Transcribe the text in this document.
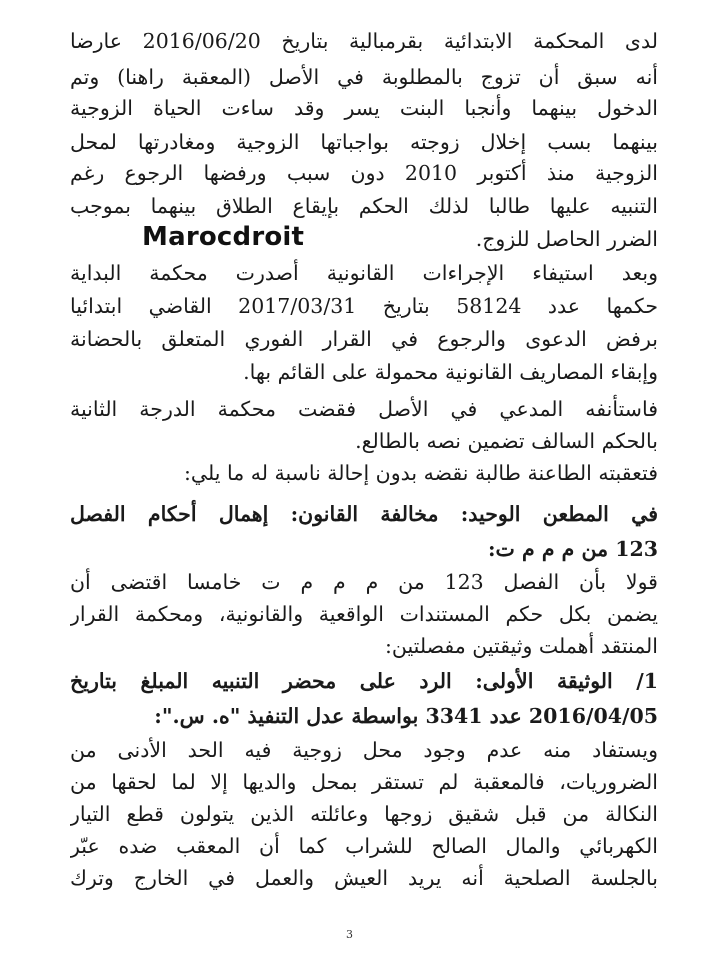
لدى المحكمة الابتدائية بقرمبالية بتاريخ 2016/06/20 عارضا
أنه سبق أن تزوج بالمطلوبة في الأصل (المعقبة راهنا) وتم
الدخول بينهما وأنجبا البنت يسر وقد ساءت الحياة الزوجية
بينهما بسب إخلال زوجته بواجباتها الزوجية ومغادرتها لمحل
الزوجية منذ أكتوبر 2010 دون سبب ورفضها الرجوع رغم
التنبيه عليها طالبا لذلك الحكم بإيقاع الطلاق بينهما بموجب
الضرر الحاصل للزوج.
وبعد استيفاء الإجراءات القانونية أصدرت محكمة البداية
حكمها عدد 58124 بتاريخ 2017/03/31 القاضي ابتدائيا
برفض الدعوى والرجوع في القرار الفوري المتعلق بالحضانة
وإبقاء المصاريف القانونية محمولة على القائم بها.
فاستأنفه المدعي في الأصل فقضت محكمة الدرجة الثانية
بالحكم السالف تضمين نصه بالطالع.
فتعقبته الطاعنة طالبة نقضه بدون إحالة ناسبة له ما يلي:
في المطعن الوحيد: مخالفة القانون: إهمال أحكام الفصل
123 من م م م ت:
قولا بأن الفصل 123 من م م م ت خامسا اقتضى أن
يضمن بكل حكم المستندات الواقعية والقانونية، ومحكمة القرار
المنتقد أهملت وثيقتين مفصلتين:
1/ الوثيقة الأولى: الرد على محضر التنبيه المبلغ بتاريخ
2016/04/05 عدد 3341 بواسطة عدل التنفيذ "ه. س.":
ويستفاد منه عدم وجود محل زوجية فيه الحد الأدنى من
الضروريات، فالمعقبة لم تستقر بمحل والديها إلا لما لحقها من
النكالة من قبل شقيق زوجها وعائلته الذين يتولون قطع التيار
الكهربائي والمال الصالح للشراب كما أن المعقب ضده عبّر
بالجلسة الصلحية أنه يريد العيش والعمل في الخارج وترك
Marocdroit
3
